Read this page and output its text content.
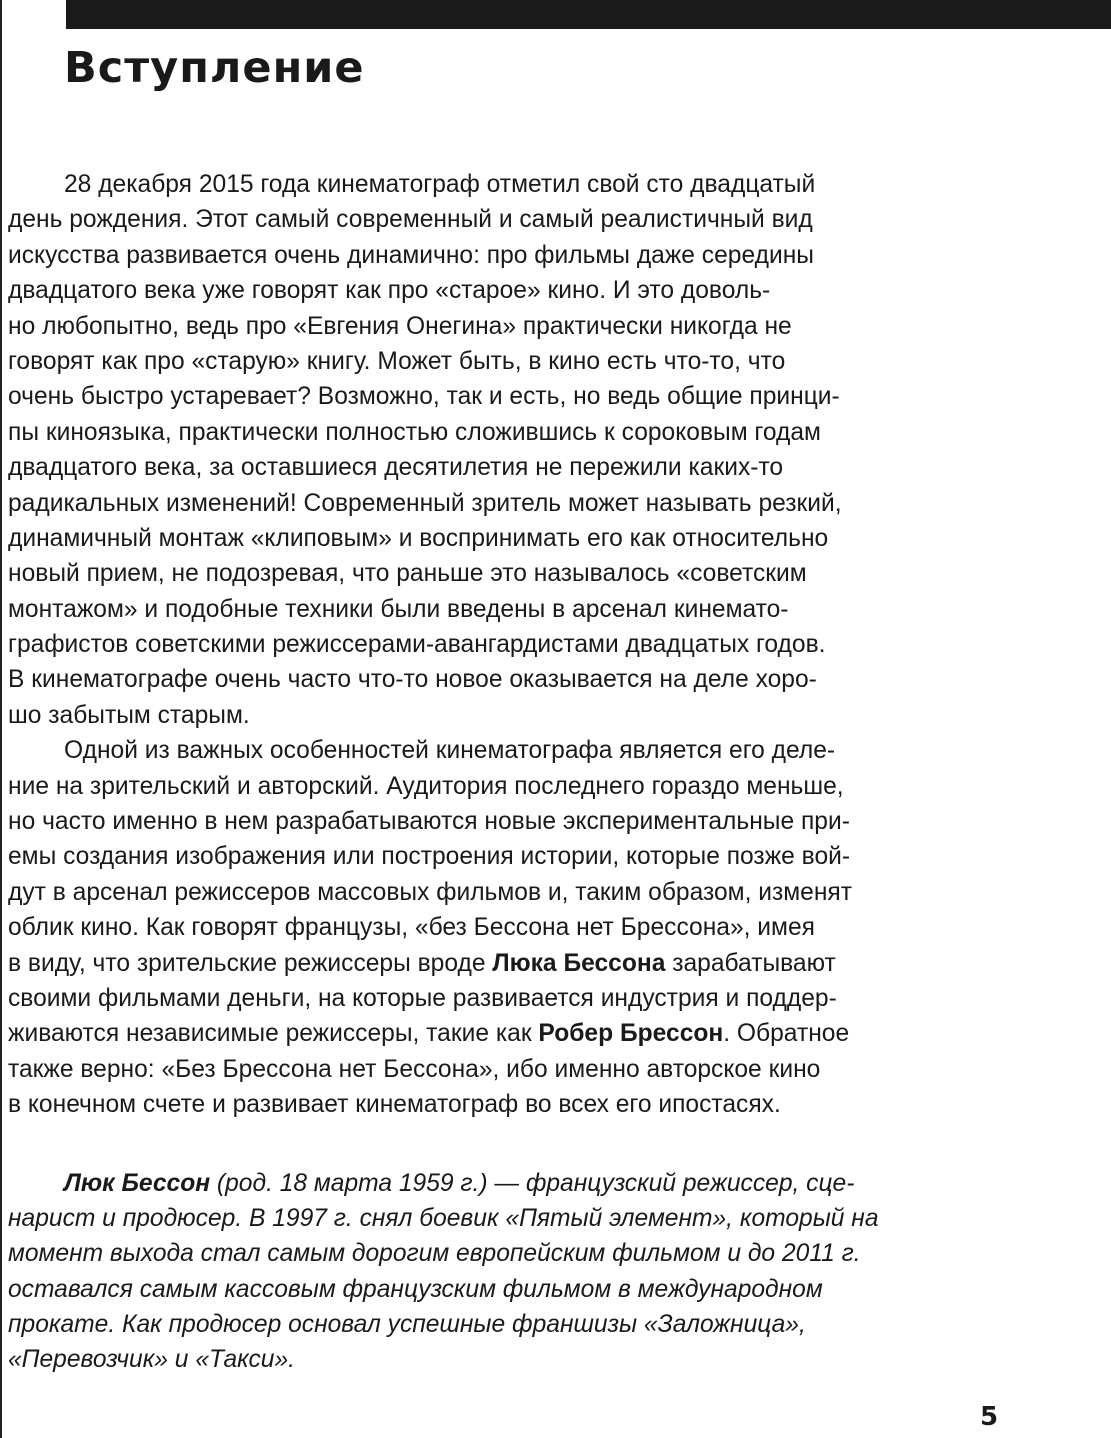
Вступление
28 декабря 2015 года кинематограф отметил свой сто двадцатый
день рождения. Этот самый современный и самый реалистичный вид
искусства развивается очень динамично: про фильмы даже середины
двадцатого века уже говорят как про «старое» кино. И это доволь-
но любопытно, ведь про «Евгения Онегина» практически никогда не
говорят как про «старую» книгу. Может быть, в кино есть что-то, что
очень быстро устаревает? Возможно, так и есть, но ведь общие принци-
пы киноязыка, практически полностью сложившись к сороковым годам
двадцатого века, за оставшиеся десятилетия не пережили каких-то
радикальных изменений! Современный зритель может называть резкий,
динамичный монтаж «клиповым» и воспринимать его как относительно
новый прием, не подозревая, что раньше это называлось «советским
монтажом» и подобные техники были введены в арсенал кинемато-
графистов советскими режиссерами-авангардистами двадцатых годов.
В кинематографе очень часто что-то новое оказывается на деле хоро-
шо забытым старым.
Одной из важных особенностей кинематографа является его деле-
ние на зрительский и авторский. Аудитория последнего гораздо меньше,
но часто именно в нем разрабатываются новые экспериментальные при-
емы создания изображения или построения истории, которые позже вой-
дут в арсенал режиссеров массовых фильмов и, таким образом, изменят
облик кино. Как говорят французы, «без Бессона нет Брессона», имея
в виду, что зрительские режиссеры вроде Люка Бессона зарабатывают
своими фильмами деньги, на которые развивается индустрия и поддер-
живаются независимые режиссеры, такие как Робер Брессон. Обратное
также верно: «Без Брессона нет Бессона», ибо именно авторское кино
в конечном счете и развивает кинематограф во всех его ипостасях.
Люк Бессон (род. 18 марта 1959 г.) — французский режиссер, сце-
нарист и продюсер. В 1997 г. снял боевик «Пятый элемент», который на
момент выхода стал самым дорогим европейским фильмом и до 2011 г.
оставался самым кассовым французским фильмом в международном
прокате. Как продюсер основал успешные франшизы «Заложница»,
«Перевозчик» и «Такси».
5
